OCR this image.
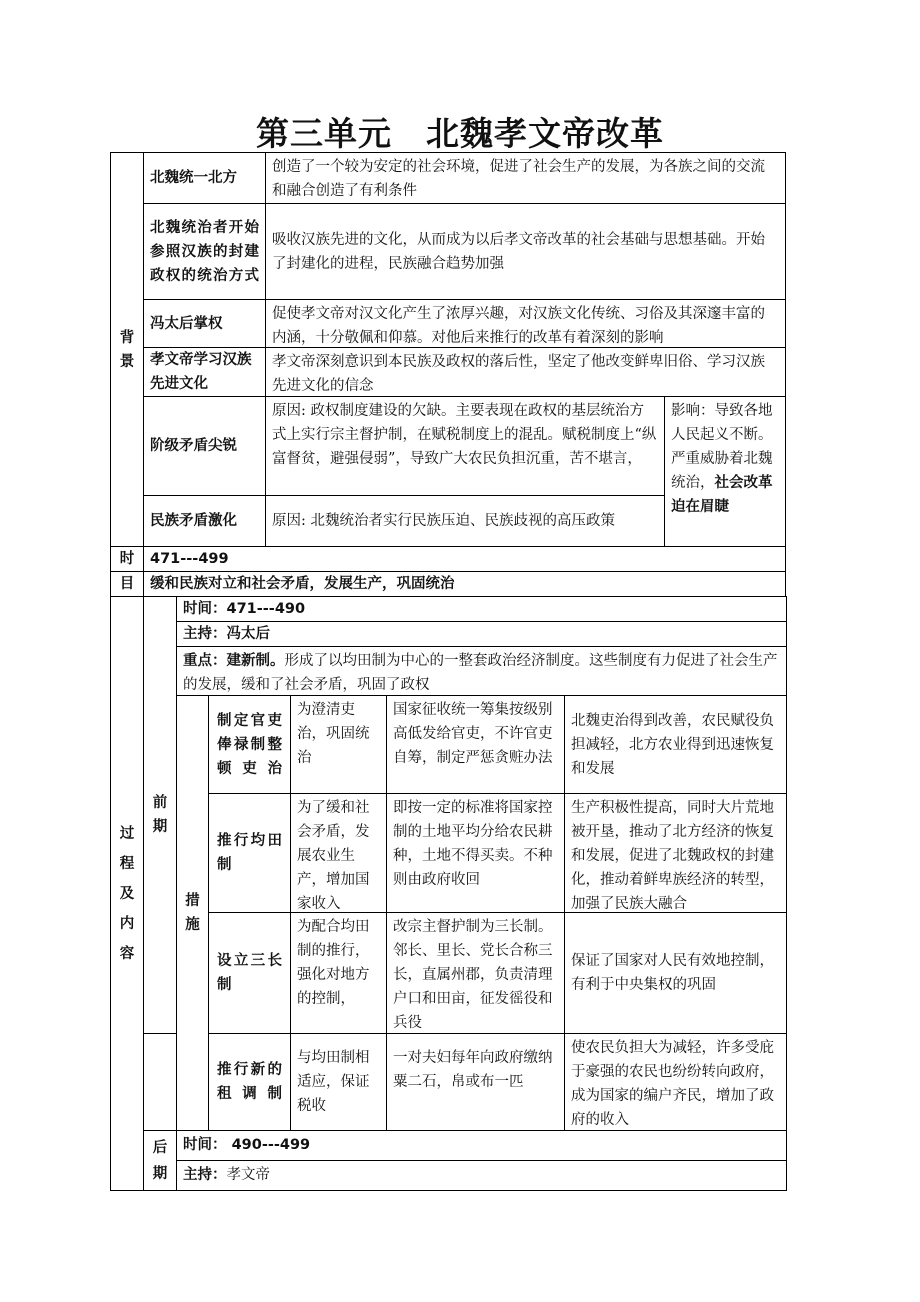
第三单元 北魏孝文帝改革
背景
北魏统一北方
创造了一个较为安定的社会环境，促进了社会生产的发展，为各族之间的交流和融合创造了有利条件
北魏统治者开始参照汉族的封建政权的统治方式
吸收汉族先进的文化，从而成为以后孝文帝改革的社会基础与思想基础。开始了封建化的进程，民族融合趋势加强
冯太后掌权
促使孝文帝对汉文化产生了浓厚兴趣，对汉族文化传统、习俗及其深邃丰富的内涵，十分敬佩和仰慕。对他后来推行的改革有着深刻的影响
孝文帝学习汉族先进文化
孝文帝深刻意识到本民族及政权的落后性，坚定了他改变鲜卑旧俗、学习汉族先进文化的信念
阶级矛盾尖锐
原因: 政权制度建设的欠缺。主要表现在政权的基层统治方式上实行宗主督护制，在赋税制度上的混乱。赋税制度上“纵富督贫，避强侵弱”，导致广大农民负担沉重，苦不堪言，
民族矛盾激化 原因: 北魏统治者实行民族压迫、民族歧视的高压政策
影响：导致各地人民起义不断。严重威胁着北魏统治，社会改革迫在眉睫
时	471---499
目	缓和民族对立和社会矛盾，发展生产，巩固统治
过程及内容
前期
时间：471---490
主持：冯太后
重点：建新制。形成了以均田制为中心的一整套政治经济制度。这些制度有力促进了社会生产的发展，缓和了社会矛盾，巩固了政权
措施
制定官吏俸禄制整顿吏治
为澄清吏治，巩固统治
国家征收统一筹集按级别高低发给官吏，不许官吏自筹，制定严惩贪赃办法
北魏吏治得到改善，农民赋役负担减轻，北方农业得到迅速恢复和发展
推行均田制
为了缓和社会矛盾，发展农业生产，增加国家收入
即按一定的标准将国家控制的土地平均分给农民耕种，土地不得买卖。不种则由政府收回
生产积极性提高，同时大片荒地被开垦，推动了北方经济的恢复和发展，促进了北魏政权的封建化，推动着鲜卑族经济的转型，加强了民族大融合
设立三长制
为配合均田制的推行，强化对地方的控制，
改宗主督护制为三长制。邻长、里长、党长合称三长，直属州郡，负责清理户口和田亩，征发徭役和兵役
保证了国家对人民有效地控制，有利于中央集权的巩固
推行新的租调制
与均田制相适应，保证税收
一对夫妇每年向政府缴纳粟二石，帛或布一匹
使农民负担大为减轻，许多受庇于豪强的农民也纷纷转向政府，成为国家的编户齐民，增加了政府的收入
后期
时间： 490---499
主持：孝文帝
